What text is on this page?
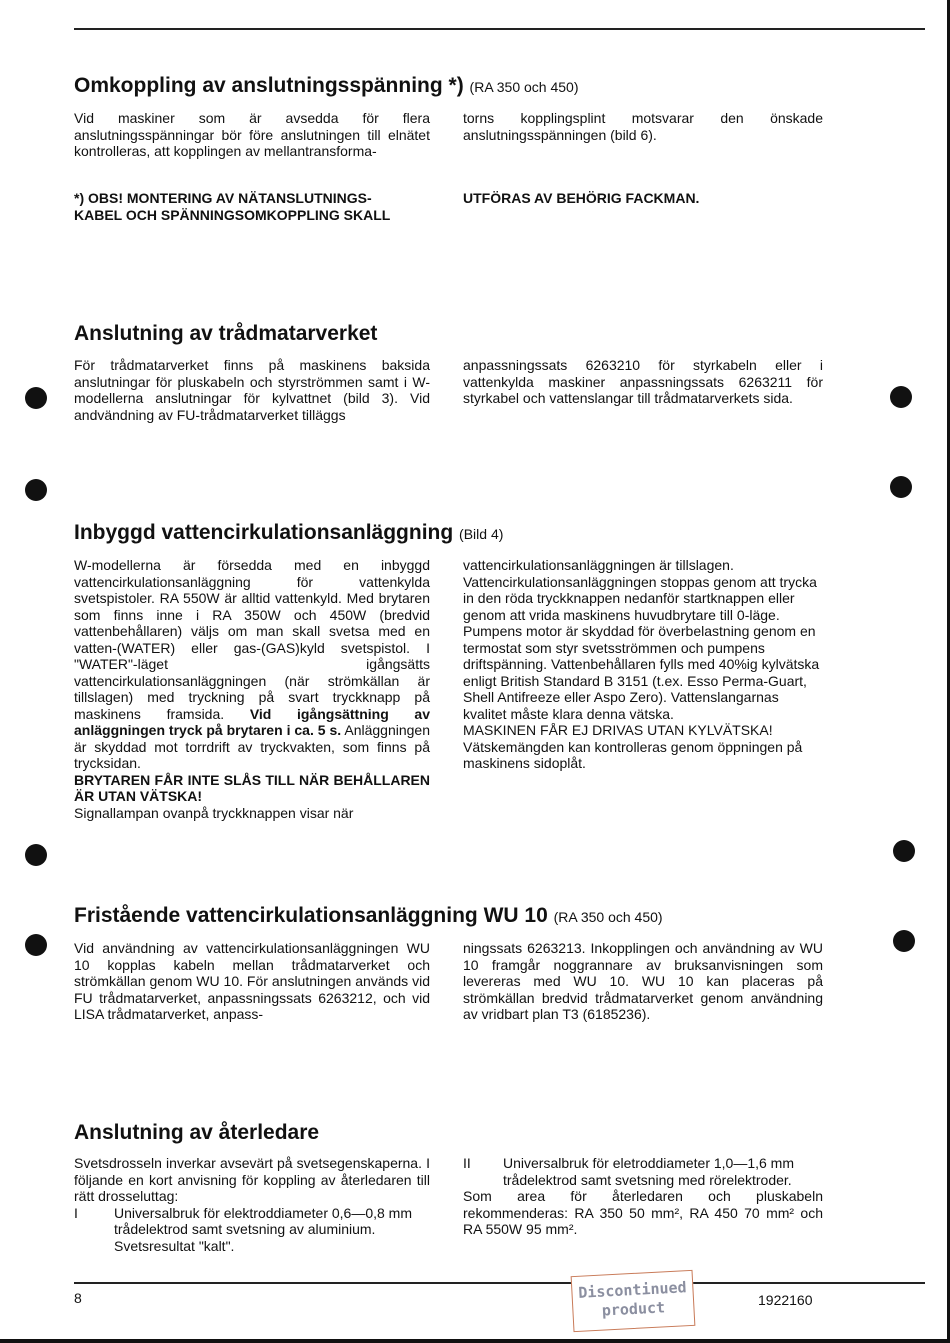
Omkoppling av anslutningsspänning *) (RA 350 och 450)

Vid maskiner som är avsedda för flera anslutningsspänningar bör före anslutningen till elnätet kontrolleras, att kopplingen av mellantransforma-

torns kopplingsplint motsvarar den önskade anslutningsspänningen (bild 6).

*) OBS! MONTERING AV NÄTANSLUTNINGS-
KABEL OCH SPÄNNINGSOMKOPPLING SKALL
UTFÖRAS AV BEHÖRIG FACKMAN.
Anslutning av trådmatarverket

För trådmatarverket finns på maskinens baksida anslutningar för pluskabeln och styrströmmen samt i W-modellerna anslutningar för kylvattnet (bild 3). Vid andvändning av FU-trådmatarverket tilläggs

anpassningssats 6263210 för styrkabeln eller i vattenkylda maskiner anpassningssats 6263211 för styrkabel och vattenslangar till trådmatarverkets sida.

Inbyggd vattencirkulationsanläggning (Bild 4)

W-modellerna är försedda med en inbyggd vattencirkulationsanläggning för vattenkylda svetspistoler. RA 550W är alltid vattenkyld. Med brytaren som finns inne i RA 350W och 450W (bredvid vattenbehållaren) väljs om man skall svetsa med en vatten-(WATER) eller gas-(GAS)kyld svetspistol. I "WATER"-läget igångsätts vattencirkulationsanläggningen (när strömkällan är tillslagen) med tryckning på svart tryckknapp på maskinens framsida. Vid igångsättning av anläggningen tryck på brytaren i ca. 5 s. Anläggningen är skyddad mot torrdrift av tryckvakten, som finns på trycksidan.

BRYTAREN FÅR INTE SLÅS TILL NÄR BEHÅLLAREN ÄR UTAN VÄTSKA!

Signallampan ovanpå tryckknappen visar när

vattencirkulationsanläggningen är tillslagen.

Vattencirkulationsanläggningen stoppas genom att trycka in den röda tryckknappen nedanför startknappen eller genom att vrida maskinens huvudbrytare till 0-läge.

Pumpens motor är skyddad för överbelastning genom en termostat som styr svetsströmmen och pumpens driftspänning. Vattenbehållaren fylls med 40%ig kylvätska enligt British Standard B 3151 (t.ex. Esso Perma-Guart, Shell Antifreeze eller Aspo Zero). Vattenslangarnas kvalitet måste klara denna vätska.

MASKINEN FÅR EJ DRIVAS UTAN KYLVÄTSKA!

Vätskemängden kan kontrolleras genom öppningen på maskinens sidoplåt.

Fristående vattencirkulationsanläggning WU 10 (RA 350 och 450)

Vid användning av vattencirkulationsanläggningen WU 10 kopplas kabeln mellan trådmatarverket och strömkällan genom WU 10. För anslutningen används vid FU trådmatarverket, anpassningssats 6263212, och vid LISA trådmatarverket, anpass-

ningssats 6263213. Inkopplingen och användning av WU 10 framgår noggrannare av bruksanvisningen som levereras med WU 10. WU 10 kan placeras på strömkällan bredvid trådmatarverket genom användning av vridbart plan T3 (6185236).

Anslutning av återledare

Svetsdrosseln inverkar avsevärt på svetsegenskaperna. I följande en kort anvisning för koppling av återledaren till rätt drosseluttag:

I	Universalbruk för elektroddiameter 0,6—0,8 mm trådelektrod samt svetsning av aluminium. Svetsresultat "kalt".
II Universalbruk för eletroddiameter 1,0—1,6 mm trådelektrod samt svetsning med rörelektroder.

Som area för återledaren och pluskabeln rekommenderas: RA 350 50 mm², RA 450 70 mm² och RA 550W 95 mm².

8	Discontinued
product	1922160
